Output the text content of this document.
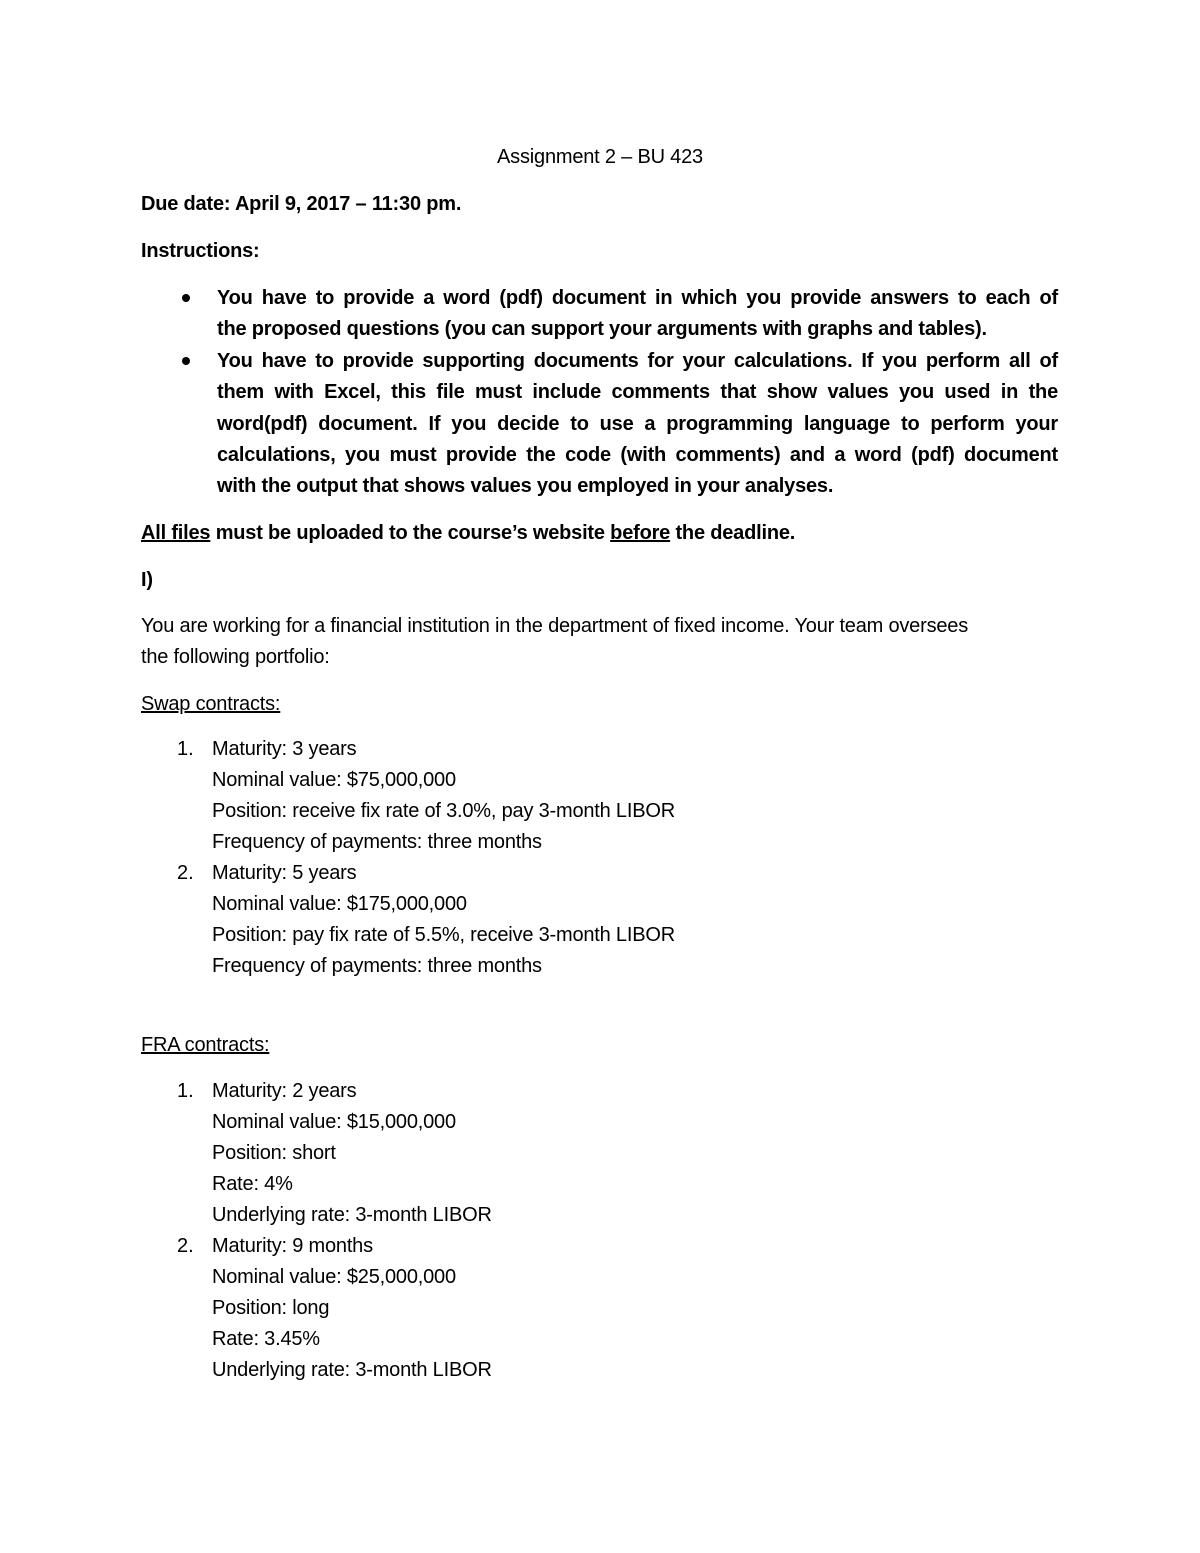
Assignment 2 – BU 423
Due date: April 9, 2017 – 11:30 pm.
Instructions:
You have to provide a word (pdf) document in which you provide answers to each of
the proposed questions (you can support your arguments with graphs and tables).
You have to provide supporting documents for your calculations. If you perform all of
them with Excel, this file must include comments that show values you used in the
word(pdf) document. If you decide to use a programming language to perform your
calculations, you must provide the code (with comments) and a word (pdf) document
with the output that shows values you employed in your analyses.
All files must be uploaded to the course’s website before the deadline.
I)
You are working for a financial institution in the department of fixed income. Your team oversees
the following portfolio:
Swap contracts:
1. Maturity: 3 years
Nominal value: $75,000,000
Position: receive fix rate of 3.0%, pay 3-month LIBOR
Frequency of payments: three months
2. Maturity: 5 years
Nominal value: $175,000,000
Position: pay fix rate of 5.5%, receive 3-month LIBOR
Frequency of payments: three months
FRA contracts:
1. Maturity: 2 years
Nominal value: $15,000,000
Position: short
Rate: 4%
Underlying rate: 3-month LIBOR
2. Maturity: 9 months
Nominal value: $25,000,000
Position: long
Rate: 3.45%
Underlying rate: 3-month LIBOR
